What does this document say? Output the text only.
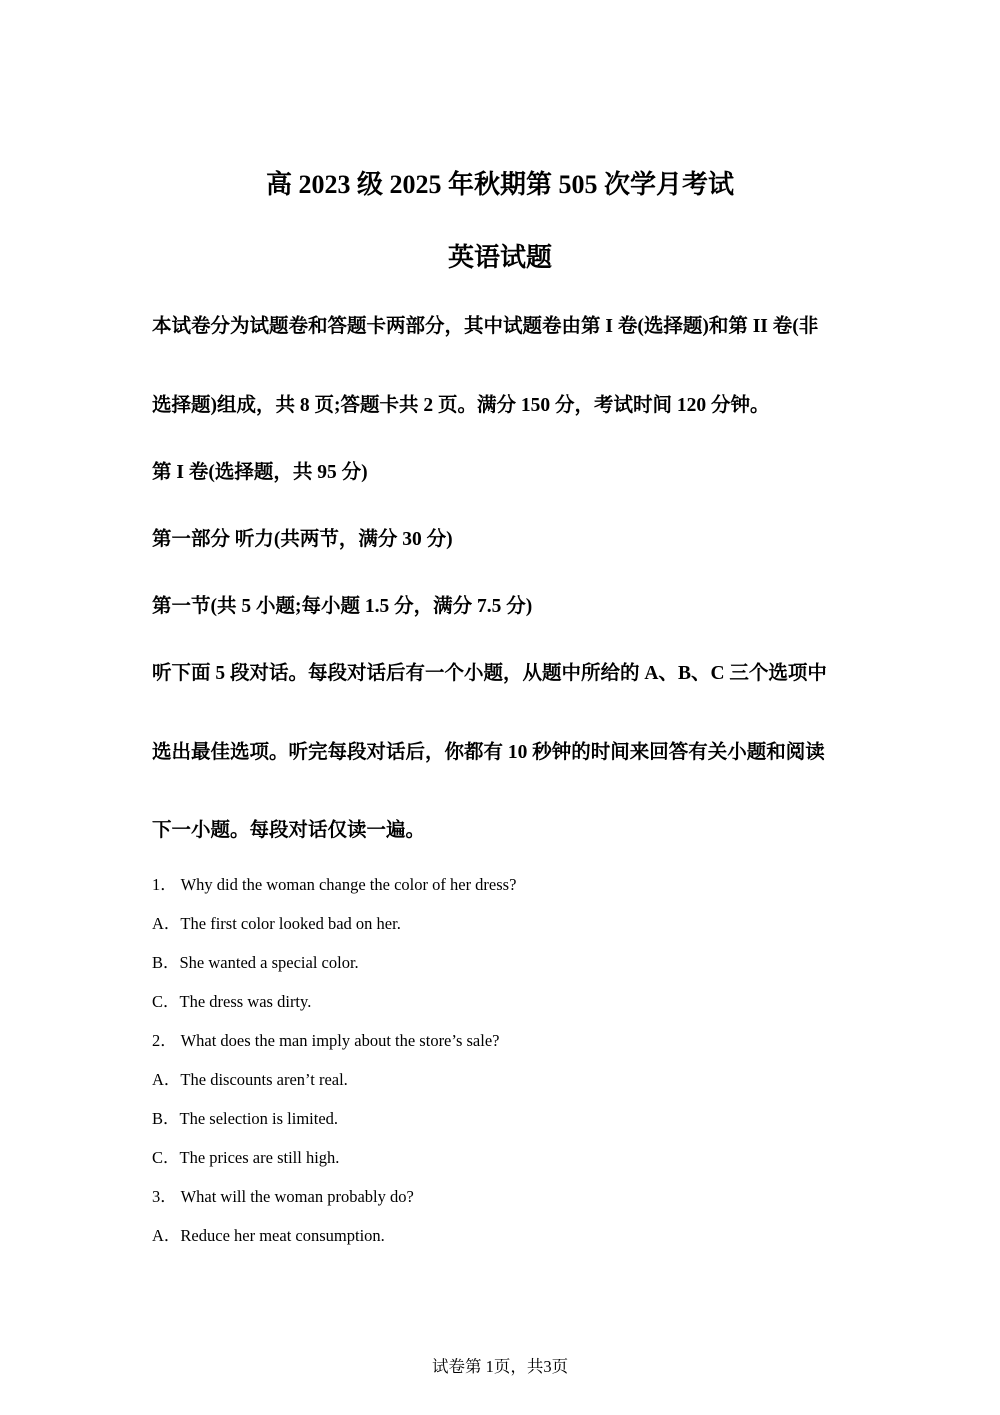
高 2023 级 2025 年秋期第 505 次学月考试
英语试题
本试卷分为试题卷和答题卡两部分，其中试题卷由第 I 卷(选择题)和第 II 卷(非
选择题)组成，共 8 页;答题卡共 2 页。满分 150 分，考试时间 120 分钟。
第 I 卷(选择题，共 95 分)
第一部分 听力(共两节，满分 30 分)
第一节(共 5 小题;每小题 1.5 分，满分 7.5 分)
听下面 5 段对话。每段对话后有一个小题，从题中所给的 A、B、C 三个选项中
选出最佳选项。听完每段对话后，你都有 10 秒钟的时间来回答有关小题和阅读
下一小题。每段对话仅读一遍。
1． Why did the woman change the color of her dress?
A．The first color looked bad on her.
B．She wanted a special color.
C．The dress was dirty.
2． What does the man imply about the store’s sale?
A．The discounts aren’t real.
B．The selection is limited.
C．The prices are still high.
3． What will the woman probably do?
A．Reduce her meat consumption.
试卷第 1页，共3页
